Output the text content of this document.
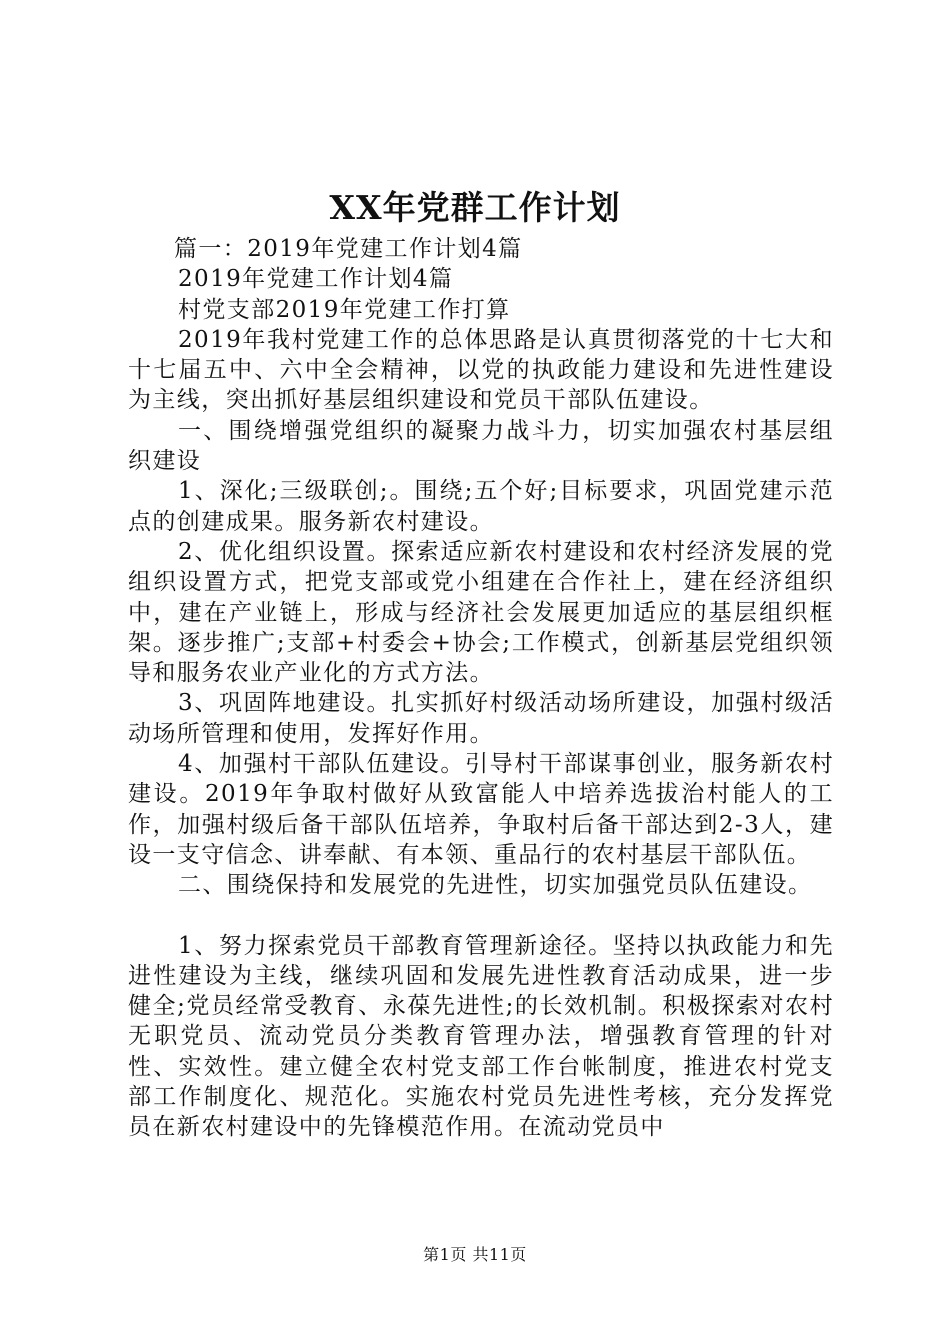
XX年党群工作计划

篇一：2019年党建工作计划4篇

2019年党建工作计划4篇

村党支部2019年党建工作打算

2019年我村党建工作的总体思路是认真贯彻落党的十七大和十七届五中、六中全会精神，以党的执政能力建设和先进性建设为主线，突出抓好基层组织建设和党员干部队伍建设。

一、围绕增强党组织的凝聚力战斗力，切实加强农村基层组织建设

1、深化;三级联创;。围绕;五个好;目标要求，巩固党建示范点的创建成果。服务新农村建设。

2、优化组织设置。探索适应新农村建设和农村经济发展的党组织设置方式，把党支部或党小组建在合作社上，建在经济组织中，建在产业链上，形成与经济社会发展更加适应的基层组织框架。逐步推广;支部+村委会+协会;工作模式，创新基层党组织领导和服务农业产业化的方式方法。

3、巩固阵地建设。扎实抓好村级活动场所建设，加强村级活动场所管理和使用，发挥好作用。

4、加强村干部队伍建设。引导村干部谋事创业，服务新农村建设。2019年争取村做好从致富能人中培养选拔治村能人的工作，加强村级后备干部队伍培养，争取村后备干部达到2-3人，建设一支守信念、讲奉献、有本领、重品行的农村基层干部队伍。

二、围绕保持和发展党的先进性，切实加强党员队伍建设。

1、努力探索党员干部教育管理新途径。坚持以执政能力和先进性建设为主线，继续巩固和发展先进性教育活动成果，进一步健全;党员经常受教育、永葆先进性;的长效机制。积极探索对农村无职党员、流动党员分类教育管理办法，增强教育管理的针对性、实效性。建立健全农村党支部工作台帐制度，推进农村党支部工作制度化、规范化。实施农村党员先进性考核，充分发挥党员在新农村建设中的先锋模范作用。在流动党员中

第1页 共11页
